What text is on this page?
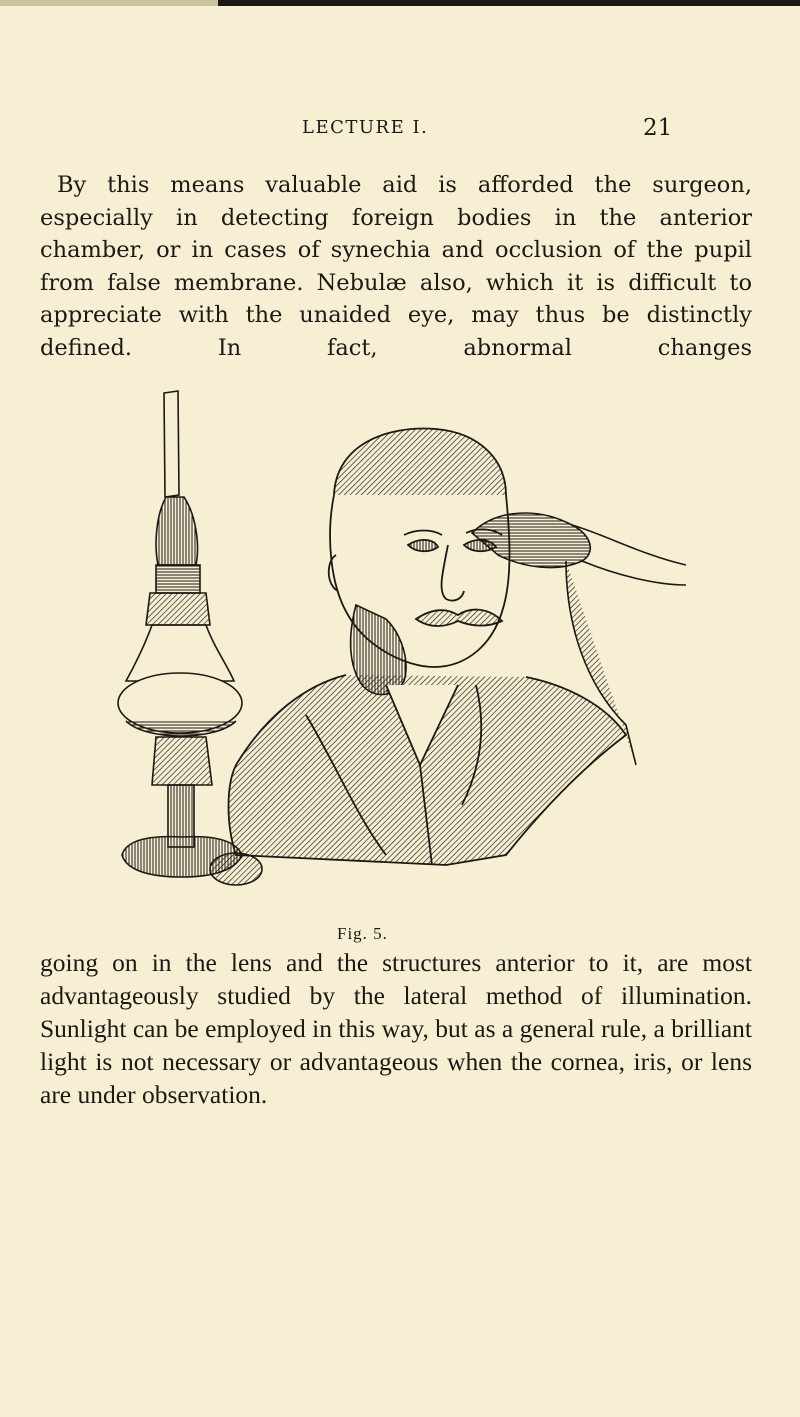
LECTURE I.	21

By this means valuable aid is afforded the surgeon, especially in detecting foreign bodies in the anterior chamber, or in cases of synechia and occlusion of the pupil from false membrane. Nebulæ also, which it is difficult to appreciate with the unaided eye, may thus be distinctly defined. In fact, abnormal changes

Fig. 5.

going on in the lens and the structures anterior to it, are most advantageously studied by the lateral method of illumination. Sunlight can be employed in this way, but as a general rule, a brilliant light is not necessary or advantageous when the cornea, iris, or lens are under observation.
